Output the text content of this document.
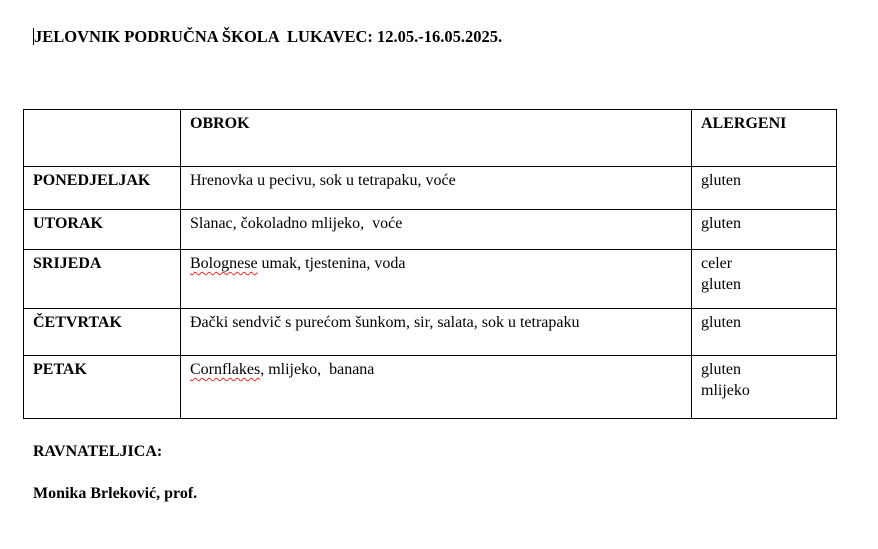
JELOVNIK PODRUČNA ŠKOLA  LUKAVEC: 12.05.-16.05.2025.
	OBROK	ALERGENI
PONEDJELJAK	Hrenovka u pecivu, sok u tetrapaku, voće	gluten

UTORAK	Slanac, čokoladno mlijeko,  voće	gluten

SRIJEDA	Bolognese umak, tjestenina, voda	celer
gluten

ČETVRTAK	Đački sendvič s purećom šunkom, sir, salata, sok u tetrapaku	gluten

PETAK	Cornflakes, mlijeko,  banana	gluten
mlijeko
RAVNATELJICA:
Monika Brleković, prof.
